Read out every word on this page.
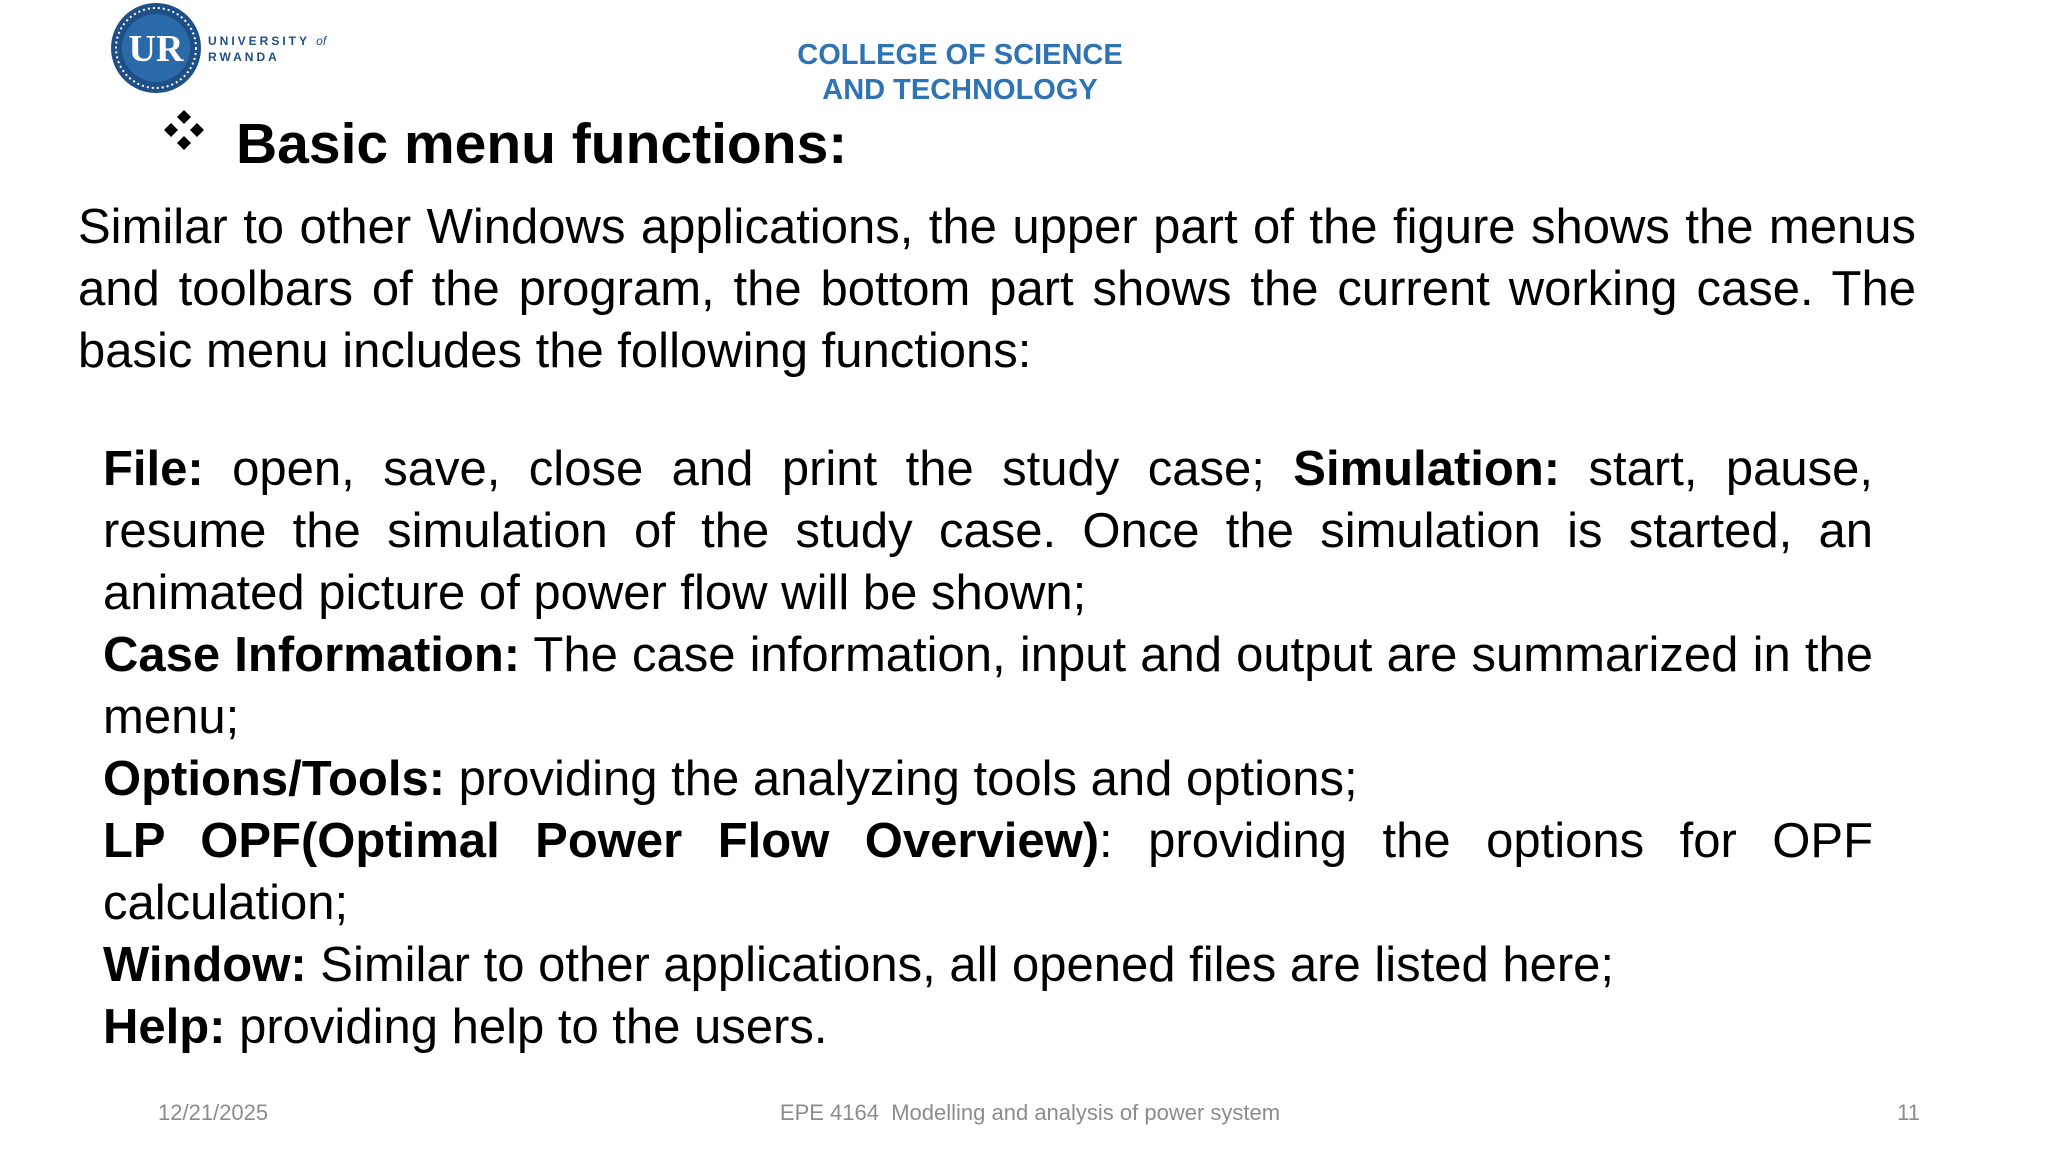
UR UNIVERSITY of
RWANDA	COLLEGE OF SCIENCE
AND TECHNOLOGY
Basic menu functions:

Similar to other Windows applications, the upper part of the figure shows the menus and toolbars of the program, the bottom part shows the current working case. The basic menu includes the following functions:

File: open, save, close and print the study case; Simulation: start, pause, resume the simulation of the study case. Once the simulation is started, an animated picture of power flow will be shown;

Case Information: The case information, input and output are summarized in the menu;

Options/Tools: providing the analyzing tools and options;

LP OPF(Optimal Power Flow Overview): providing the options for OPF calculation;

Window: Similar to other applications, all opened files are listed here;

Help: providing help to the users.

12/21/2025	EPE 4164  Modelling and analysis of power system	11
